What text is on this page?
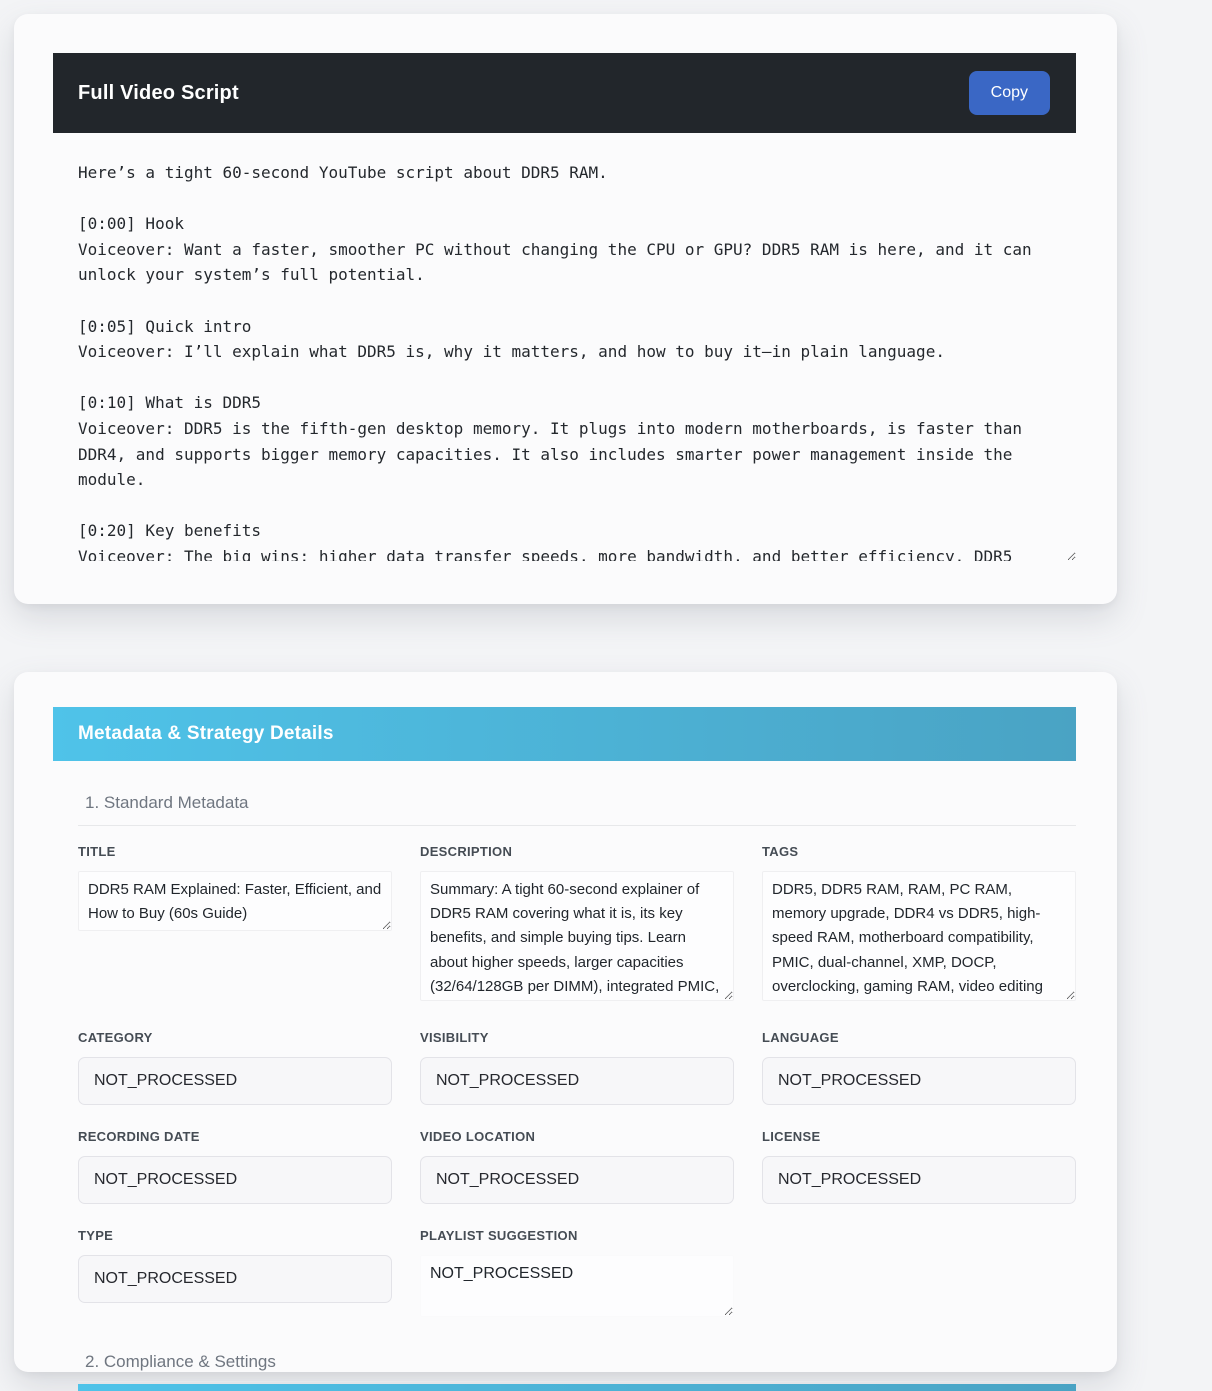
Full Video Script	Copy
Here’s a tight 60-second YouTube script about DDR5 RAM. [0:00] Hook Voiceover: Want a faster, smoother PC without changing the CPU or GPU? DDR5 RAM is here, and it can unlock your system’s full potential. [0:05] Quick intro Voiceover: I’ll explain what DDR5 is, why it matters, and how to buy it—in plain language. [0:10] What is DDR5 Voiceover: DDR5 is the fifth-gen desktop memory. It plugs into modern motherboards, is faster than DDR4, and supports bigger memory capacities. It also includes smarter power management inside the module. [0:20] Key benefits Voiceover: The big wins: higher data transfer speeds, more bandwidth, and better efficiency. DDR5
Metadata & Strategy Details
1. Standard Metadata
TITLE
DDR5 RAM Explained: Faster, Efficient, and How to Buy (60s Guide)	DESCRIPTION
Summary: A tight 60-second explainer of DDR5 RAM covering what it is, its key benefits, and simple buying tips. Learn about higher speeds, larger capacities (32/64/128GB per DIMM), integrated PMIC, dual-channel kits, and how it compares to DDR4.	TAGS
DDR5, DDR5 RAM, RAM, PC RAM, memory upgrade, DDR4 vs DDR5, high-speed RAM, motherboard compatibility, PMIC, dual-channel, XMP, DOCP, overclocking, gaming RAM, video editing RAM, 3D rendering RAM, PC build, RAM buying guide
CATEGORY
NOT_PROCESSED	VISIBILITY
NOT_PROCESSED	LANGUAGE
NOT_PROCESSED
RECORDING DATE
NOT_PROCESSED	VIDEO LOCATION
NOT_PROCESSED	LICENSE
NOT_PROCESSED
TYPE
NOT_PROCESSED	PLAYLIST SUGGESTION
NOT_PROCESSED
2. Compliance & Settings
